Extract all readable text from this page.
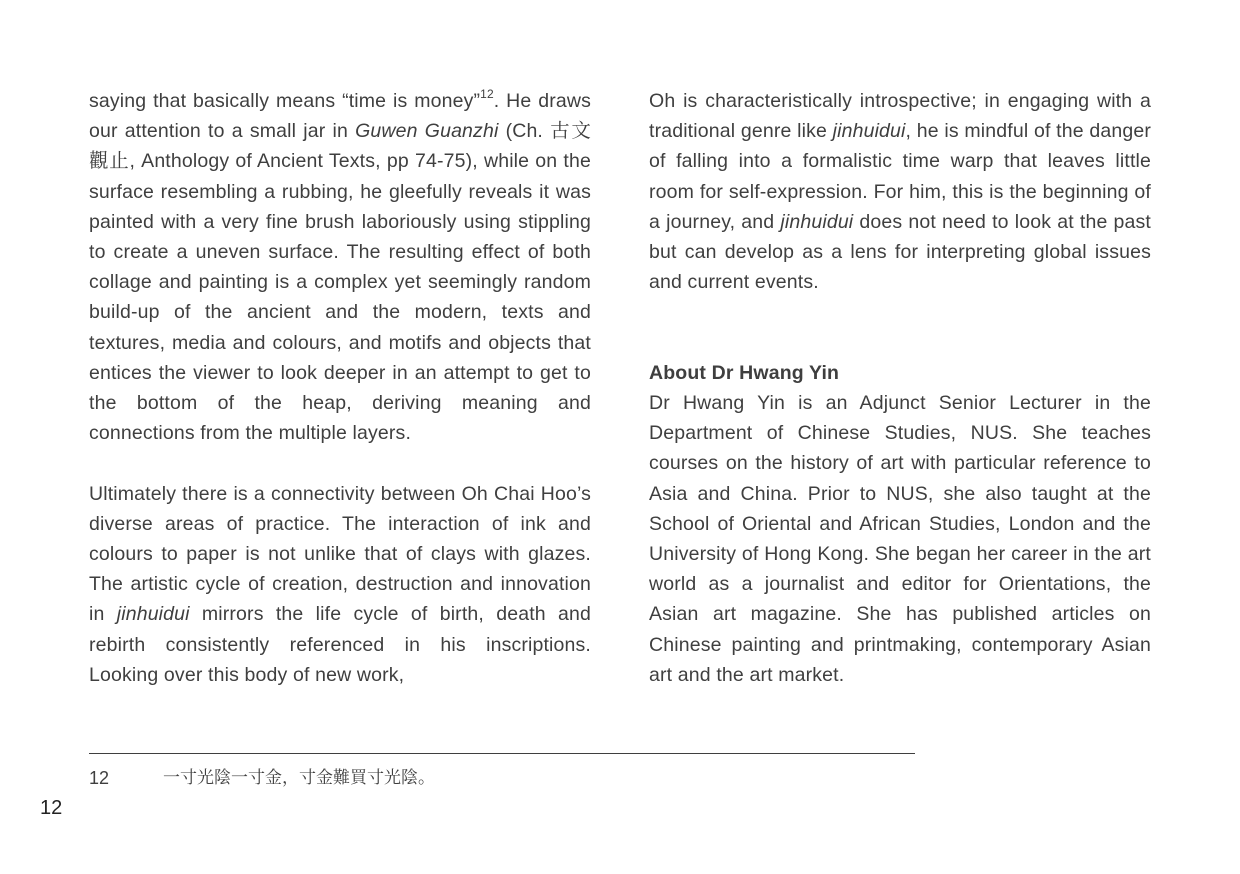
saying that basically means “time is money”$^{12}$. He draws our attention to a small jar in Guwen Guanzhi (Ch. 古文觀止, Anthology of Ancient Texts, pp 74-75), while on the surface resembling a rubbing, he gleefully reveals it was painted with a very fine brush laboriously using stippling to create a uneven surface. The resulting effect of both collage and painting is a complex yet seemingly random build-up of the ancient and the modern, texts and textures, media and colours, and motifs and objects that entices the viewer to look deeper in an attempt to get to the bottom of the heap, deriving meaning and connections from the multiple layers.

Ultimately there is a connectivity between Oh Chai Hoo’s diverse areas of practice. The interaction of ink and colours to paper is not unlike that of clays with glazes. The artistic cycle of creation, destruction and innovation in jinhuidui mirrors the life cycle of birth, death and rebirth consistently referenced in his inscriptions. Looking over this body of new work,

Oh is characteristically introspective; in engaging with a traditional genre like jinhuidui, he is mindful of the danger of falling into a formalistic time warp that leaves little room for self-expression. For him, this is the beginning of a journey, and jinhuidui does not need to look at the past but can develop as a lens for interpreting global issues and current events.

About Dr Hwang Yin

Dr Hwang Yin is an Adjunct Senior Lecturer in the Department of Chinese Studies, NUS. She teaches courses on the history of art with particular reference to Asia and China. Prior to NUS, she also taught at the School of Oriental and African Studies, London and the University of Hong Kong. She began her career in the art world as a journalist and editor for Orientations, the Asian art magazine. She has published articles on Chinese painting and printmaking, contemporary Asian art and the art market.

12	一寸光陰一寸金，寸金難買寸光陰。
12
